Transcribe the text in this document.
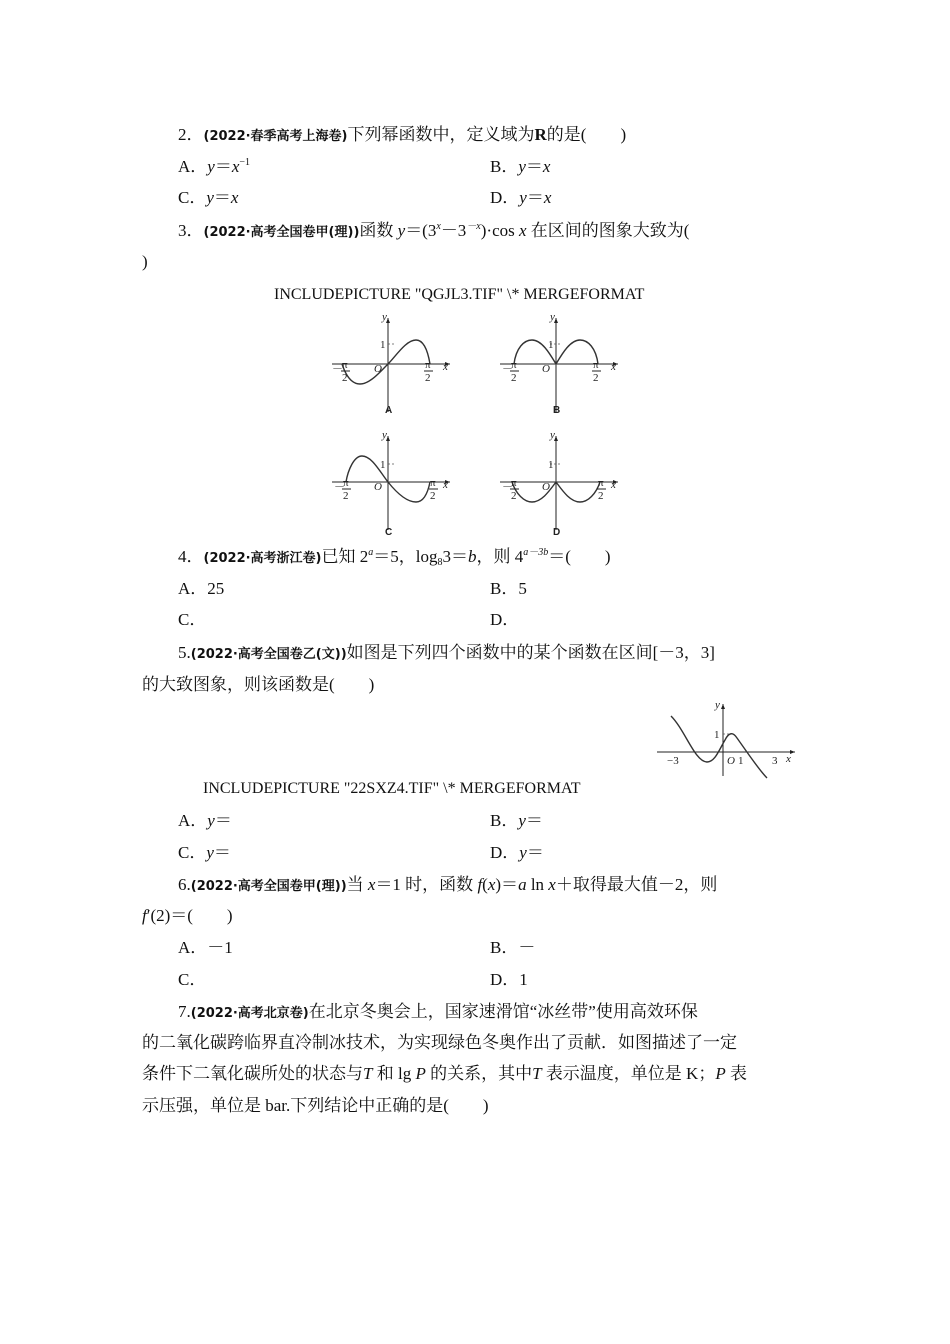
2．(2022·春季高考上海卷)下列幂函数中，定义域为R的是(　　)
A．$y=x^{-1}$	B．y＝x
C．y＝x	D．y＝x
3．(2022·高考全国卷甲(理))函数 $y=(3^x-3^{-x})\cdot\cos$ x 在区间的图象大致为(
)
INCLUDEPICTURE "QGJL3.TIF" \* MERGEFORMAT
y
x
O
1
－ π
2
π
2
A
y
x
O
1
－
π
2
π
2
B
y
x
O
1
－
π
2
π
2
C
y
x
O
1
－
π
2
π
2
D
4．(2022·高考浙江卷)已知 $2^a=5$，$\log_83=b$，则 $4^{a-3b}=$(　　)
A．25	B．5
C．	D．
5.(2022·高考全国卷乙(文))如图是下列四个函数中的某个函数在区间[－3，3]
的大致图象，则该函数是(　　)
y
x
O
1
−3	1	3
INCLUDEPICTURE "22SXZ4.TIF" \* MERGEFORMAT
A．y＝	B．y＝
C．y＝	D．y＝
6.(2022·高考全国卷甲(理))当 x＝1 时，函数 f(x)＝a ln x＋取得最大值－2，则
f′(2)＝(　　)
A．－1	B．－
C．	D．1
7.(2022·高考北京卷)在北京冬奥会上，国家速滑馆“冰丝带”使用高效环保
的二氧化碳跨临界直冷制冰技术，为实现绿色冬奥作出了贡献．如图描述了一定
条件下二氧化碳所处的状态与T 和 lg P 的关系，其中T 表示温度，单位是 K；P 表
示压强，单位是 bar.下列结论中正确的是(　　)
